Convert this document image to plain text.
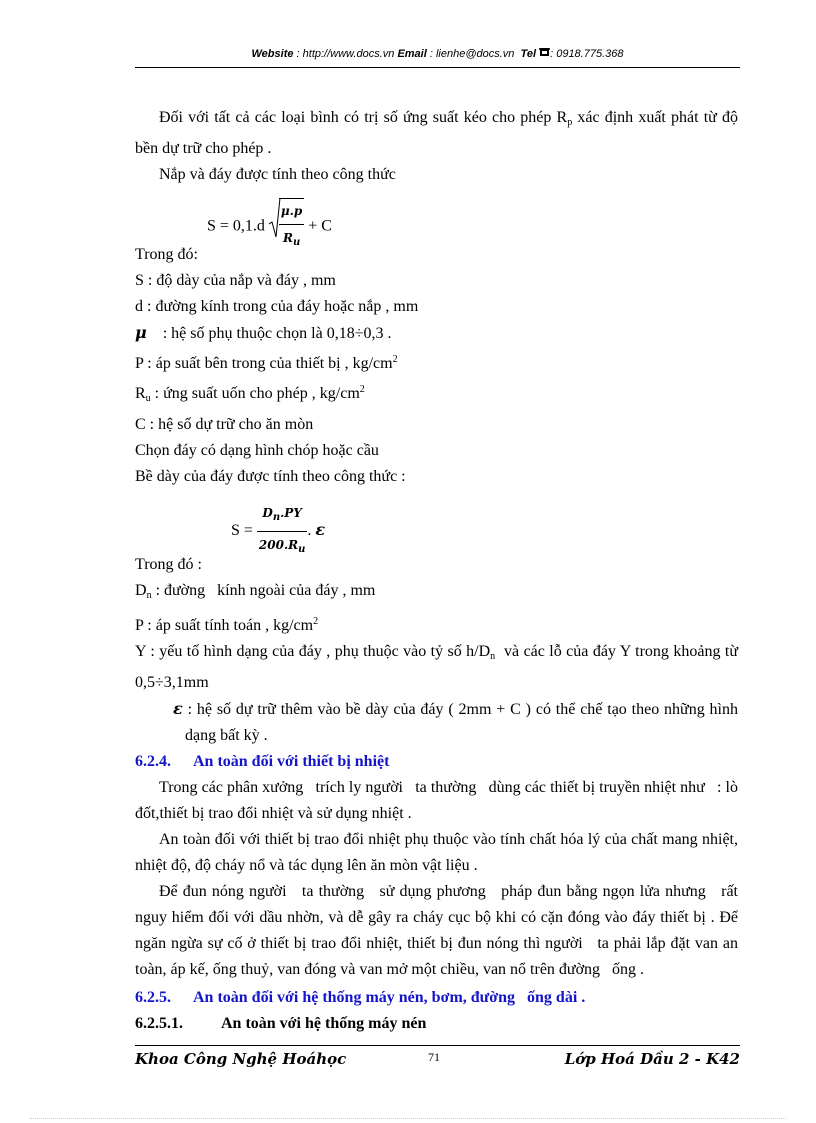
Website : http://www.docs.vn Email : lienhe@docs.vn Tel : 0918.775.368

Đối với tất cả các loại bình có trị số ứng suất kéo cho phép $R_p$ xác định xuất phát từ độ bền dự trữ cho phép .

Nắp và đáy được tính theo công thức

$S = 0,1.d \frac{\mu.p}{R_u} + C$

Trong đó:

S : độ dày của nắp và đáy , mm

d : đường kính trong của đáy hoặc nắp , mm

μ    : hệ số phụ thuộc chọn là 0,18÷0,3 .

P : áp suất bên trong của thiết bị , $kg/cm^2$

$R_u$ : ứng suất uốn cho phép , $kg/cm^2$

C : hệ số dự trữ cho ăn mòn

Chọn đáy có dạng hình chóp hoặc cầu

Bề dày của đáy được tính theo công thức :

$S = \frac{D_n.PY}{200.R_u}$ . ε

Trong đó :

$D_n$ : đường   kính ngoài của đáy , mm

P : áp suất tính toán , $kg/cm^2$

Y : yếu tố hình dạng của đáy , phụ thuộc vào tỷ số $h/D_n$  và các lỗ của đáy Y trong khoảng từ 0,5÷3,1mm

ε : hệ số dự trữ thêm vào bề dày của đáy ( 2mm + C ) có thể chế tạo theo những hình dạng bất kỳ .

6.2.4. An toàn đối với thiết bị nhiệt

Trong các phân xưởng   trích ly người   ta thường   dùng các thiết bị truyền nhiệt như   : lò đốt,thiết bị trao đổi nhiệt và sử dụng nhiệt .

An toàn đối với thiết bị trao đổi nhiệt phụ thuộc vào tính chất hóa lý của chất mang nhiệt, nhiệt độ, độ cháy nổ và tác dụng lên ăn mòn vật liệu .

Để đun nóng người   ta thường   sử dụng phương   pháp đun bằng ngọn lửa nhưng   rất nguy hiểm đối với dầu nhờn, và dễ gây ra cháy cục bộ khi có cặn đóng vào đáy thiết bị . Để ngăn ngừa sự cố ở thiết bị trao đổi nhiệt, thiết bị đun nóng thì người   ta phải lắp đặt van an toàn, áp kế, ống thuỷ, van đóng và van mở một chiều, van nổ trên đường   ống .

6.2.5. An toàn đối với hệ thống máy nén, bơm, đường   ống dài .

6.2.5.1. An toàn với hệ thống máy nén

Khoa Công Nghệ Hoáhọc	71	Lớp Hoá Dầu 2 - K42
